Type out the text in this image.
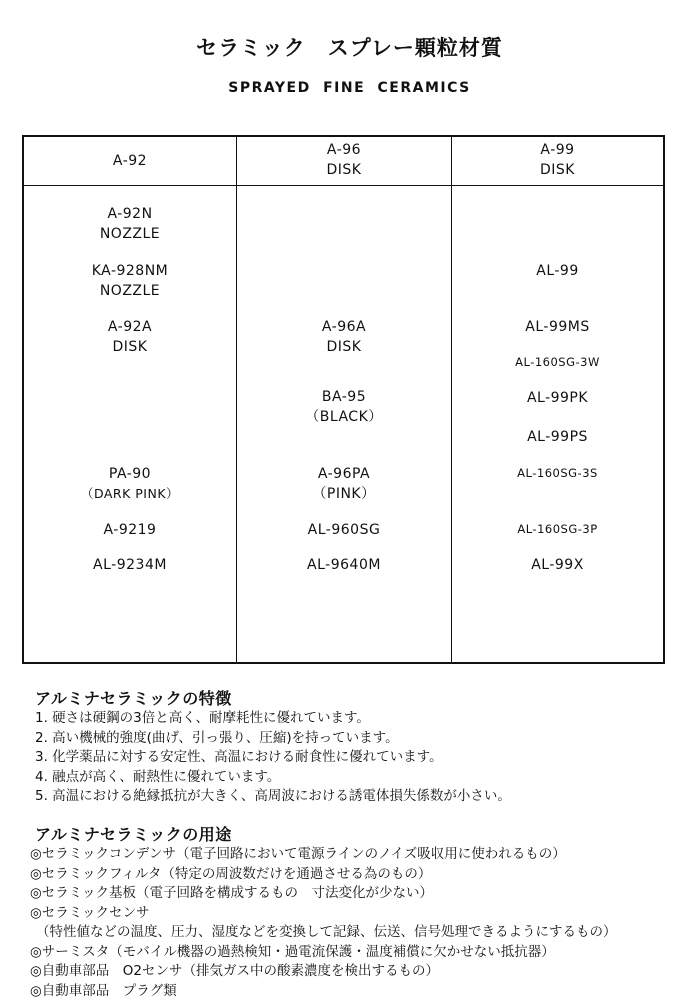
セラミック　スプレー顆粒材質
SPRAYED FINE CERAMICS
A-92
A-96
DISK
A-99
DISK
A-92N
NOZZLE
KA-928NM
NOZZLE
A-92A
DISK
PA-90
（DARK PINK）
A-9219
AL-9234M
A-96A
DISK
BA-95
（BLACK）
A-96PA
（PINK）
AL-960SG
AL-9640M
AL-99
AL-99MS
AL-160SG-3W
AL-99PK
AL-99PS
AL-160SG-3S
AL-160SG-3P
AL-99X
アルミナセラミックの特徴
1. 硬さは硬鋼の3倍と高く、耐摩耗性に優れています。
2. 高い機械的強度(曲げ、引っ張り、圧縮)を持っています。
3. 化学薬品に対する安定性、高温における耐食性に優れています。
4. 融点が高く、耐熱性に優れています。
5. 高温における絶縁抵抗が大きく、高周波における誘電体損失係数が小さい。
アルミナセラミックの用途
◎セラミックコンデンサ（電子回路において電源ラインのノイズ吸収用に使われるもの）
◎セラミックフィルタ（特定の周波数だけを通過させる為のもの）
◎セラミック基板（電子回路を構成するもの　寸法変化が少ない）
◎セラミックセンサ
（特性値などの温度、圧力、湿度などを変換して記録、伝送、信号処理できるようにするもの）
◎サーミスタ（モバイル機器の過熱検知・過電流保護・温度補償に欠かせない抵抗器）
◎自動車部品　O2センサ（排気ガス中の酸素濃度を検出するもの）
◎自動車部品　プラグ類
